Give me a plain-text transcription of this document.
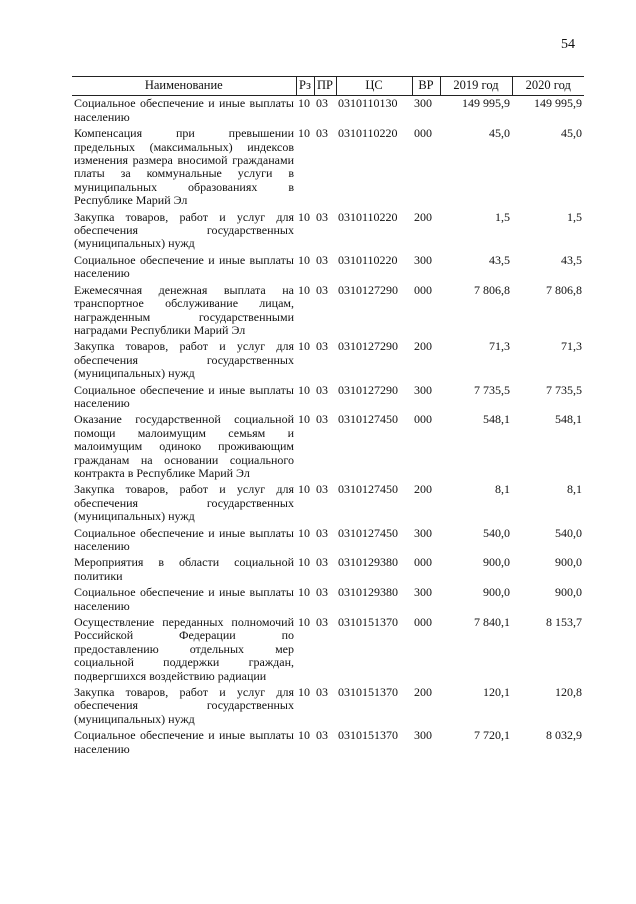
54
Наименование	Рз	ПР	ЦС	ВР	2019 год	2020 год
Социальное обеспечение и иные выплаты населению	10	03	0310110130	300	149 995,9	149 995,9
Компенсация при превышении предельных (максимальных) индексов изменения размера вносимой гражданами платы за коммунальные услуги в муниципальных образованиях в Республике Марий Эл	10	03	0310110220	000	45,0	45,0
Закупка товаров, работ и услуг для обеспечения государственных (муниципальных) нужд	10	03	0310110220	200	1,5	1,5
Социальное обеспечение и иные выплаты населению	10	03	0310110220	300	43,5	43,5
Ежемесячная денежная выплата на транспортное обслуживание лицам, награжденным государственными наградами Республики Марий Эл	10	03	0310127290	000	7 806,8	7 806,8
Закупка товаров, работ и услуг для обеспечения государственных (муниципальных) нужд	10	03	0310127290	200	71,3	71,3
Социальное обеспечение и иные выплаты населению	10	03	0310127290	300	7 735,5	7 735,5
Оказание государственной социальной помощи малоимущим семьям и малоимущим одиноко проживающим гражданам на основании социального контракта в Республике Марий Эл	10	03	0310127450	000	548,1	548,1
Закупка товаров, работ и услуг для обеспечения государственных (муниципальных) нужд	10	03	0310127450	200	8,1	8,1
Социальное обеспечение и иные выплаты населению	10	03	0310127450	300	540,0	540,0
Мероприятия в области социальной политики	10	03	0310129380	000	900,0	900,0
Социальное обеспечение и иные выплаты населению	10	03	0310129380	300	900,0	900,0
Осуществление переданных полномочий Российской Федерации по предоставлению отдельных мер социальной поддержки граждан, подвергшихся воздействию радиации	10	03	0310151370	000	7 840,1	8 153,7
Закупка товаров, работ и услуг для обеспечения государственных (муниципальных) нужд	10	03	0310151370	200	120,1	120,8
Социальное обеспечение и иные выплаты населению	10	03	0310151370	300	7 720,1	8 032,9
